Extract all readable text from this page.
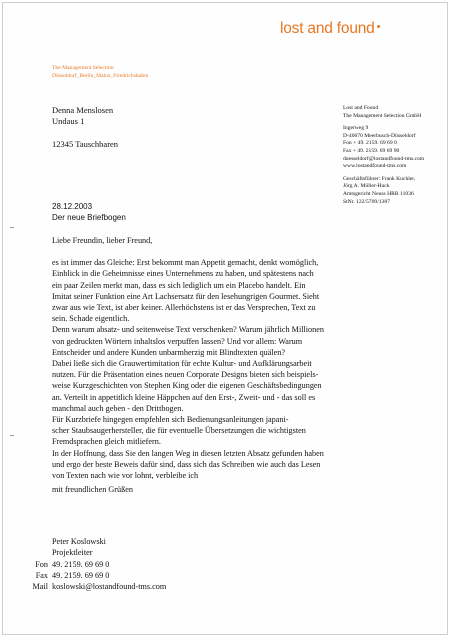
lost and found •
The Management Selection
Düsseldorf_Berlin_Mainz_Friedrichshafen
Denna Menslosen
Undaus 1
12345 Tauschbaren
Lost and Found
The Management Selection GmbH
Ingerweg 9
D-40670 Meerbusch-Düsseldorf
Fon + 49. 2159. 69 69 0
Fax + 49. 2159. 69 69 90
duesseldorf@lostandfound-tms.com
www.lostandfound-tms.com
Geschäftsführer: Frank Kuchler,
Jörg A. Müller-Huck
Amtsgericht Neuss HRB 11036
StNr. 122/5709/1387
28.12.2003
Der neue Briefbogen

Liebe Freundin, lieber Freund,

es ist immer das Gleiche: Erst bekommt man Appetit gemacht, denkt womöglich,
Einblick in die Geheimnisse eines Unternehmens zu haben, und spätestens nach
ein paar Zeilen merkt man, dass es sich lediglich um ein Placebo handelt. Ein
Imitat seiner Funktion eine Art Lachsersatz für den lesehungrigen Gourmet. Sieht
zwar aus wie Text, ist aber keiner. Allerhöchstens ist er das Versprechen, Text zu
sein. Schade eigentlich.
Denn warum absatz- und seitenweise Text verschenken? Warum jährlich Millionen
von gedruckten Wörtern inhaltslos verpuffen lassen? Und vor allem: Warum
Entscheider und andere Kunden unbarmherzig mit Blindtexten quälen?
Dabei ließe sich die Grauwertimitation für echte Kultur- und Aufklärungsarbeit
nutzen. Für die Präsentation eines neuen Corporate Designs bieten sich beispiels-
weise Kurzgeschichten von Stephen King oder die eigenen Geschäftsbedingungen
an. Verteilt in appetitlich kleine Häppchen auf den Erst-, Zweit- und - das soll es
manchmal auch geben - den Drittbogen.
Für Kurzbriefe hingegen empfehlen sich Bedienungsanleitungen japani-
scher Staubsaugerhersteller, die für eventuelle Übersetzungen die wichtigsten
Fremdsprachen gleich mitliefern.
In der Hoffnung, dass Sie den langen Weg in diesen letzten Absatz gefunden haben
und ergo der beste Beweis dafür sind, dass sich das Schreiben wie auch das Lesen
von Texten nach wie vor lohnt, verbleibe ich
mit freundlichen Grüßen
Peter Koslowski
Projektleiter
Fon 49. 2159. 69 69 0
Fax 49. 2159. 69 69 0
Mail koslowski@lostandfound-tms.com
